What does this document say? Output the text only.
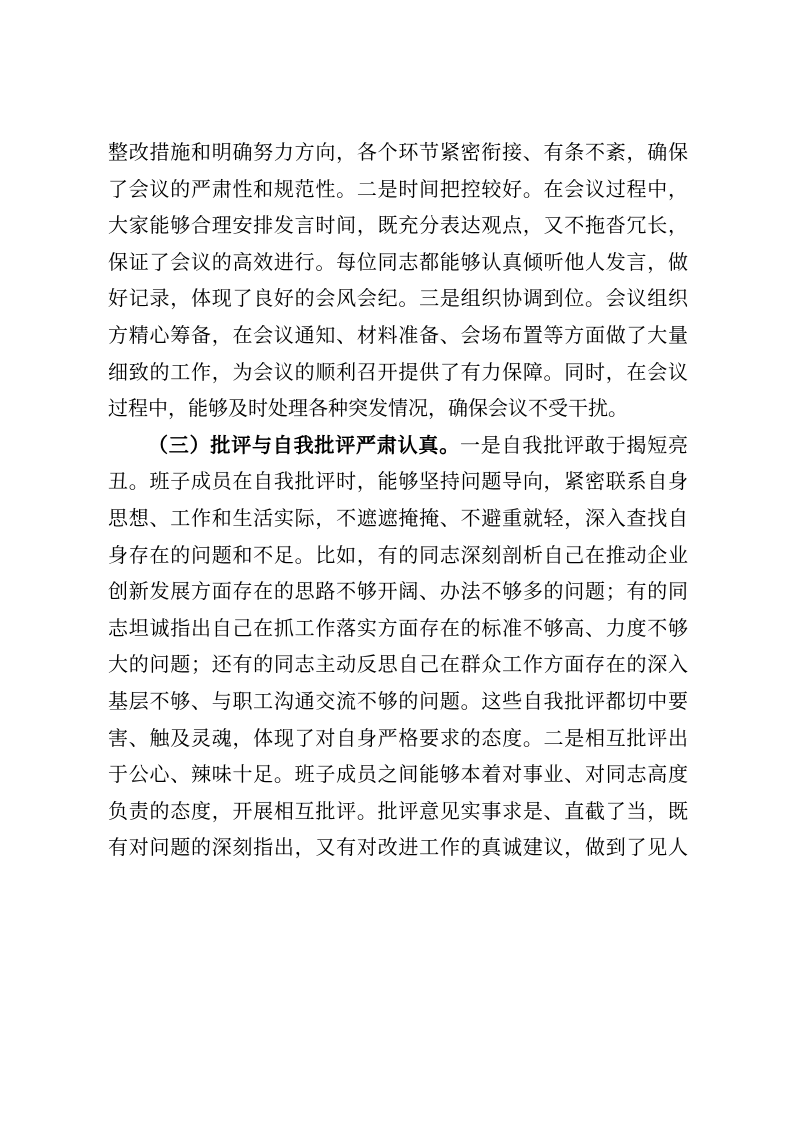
整改措施和明确努力方向，各个环节紧密衔接、有条不紊，确保
了会议的严肃性和规范性。二是时间把控较好。在会议过程中，
大家能够合理安排发言时间，既充分表达观点，又不拖沓冗长，
保证了会议的高效进行。每位同志都能够认真倾听他人发言，做
好记录，体现了良好的会风会纪。三是组织协调到位。会议组织
方精心筹备，在会议通知、材料准备、会场布置等方面做了大量
细致的工作，为会议的顺利召开提供了有力保障。同时，在会议
过程中，能够及时处理各种突发情况，确保会议不受干扰。
（三）批评与自我批评严肃认真。一是自我批评敢于揭短亮
丑。班子成员在自我批评时，能够坚持问题导向，紧密联系自身
思想、工作和生活实际，不遮遮掩掩、不避重就轻，深入查找自
身存在的问题和不足。比如，有的同志深刻剖析自己在推动企业
创新发展方面存在的思路不够开阔、办法不够多的问题；有的同
志坦诚指出自己在抓工作落实方面存在的标准不够高、力度不够
大的问题；还有的同志主动反思自己在群众工作方面存在的深入
基层不够、与职工沟通交流不够的问题。这些自我批评都切中要
害、触及灵魂，体现了对自身严格要求的态度。二是相互批评出
于公心、辣味十足。班子成员之间能够本着对事业、对同志高度
负责的态度，开展相互批评。批评意见实事求是、直截了当，既
有对问题的深刻指出，又有对改进工作的真诚建议，做到了见人
